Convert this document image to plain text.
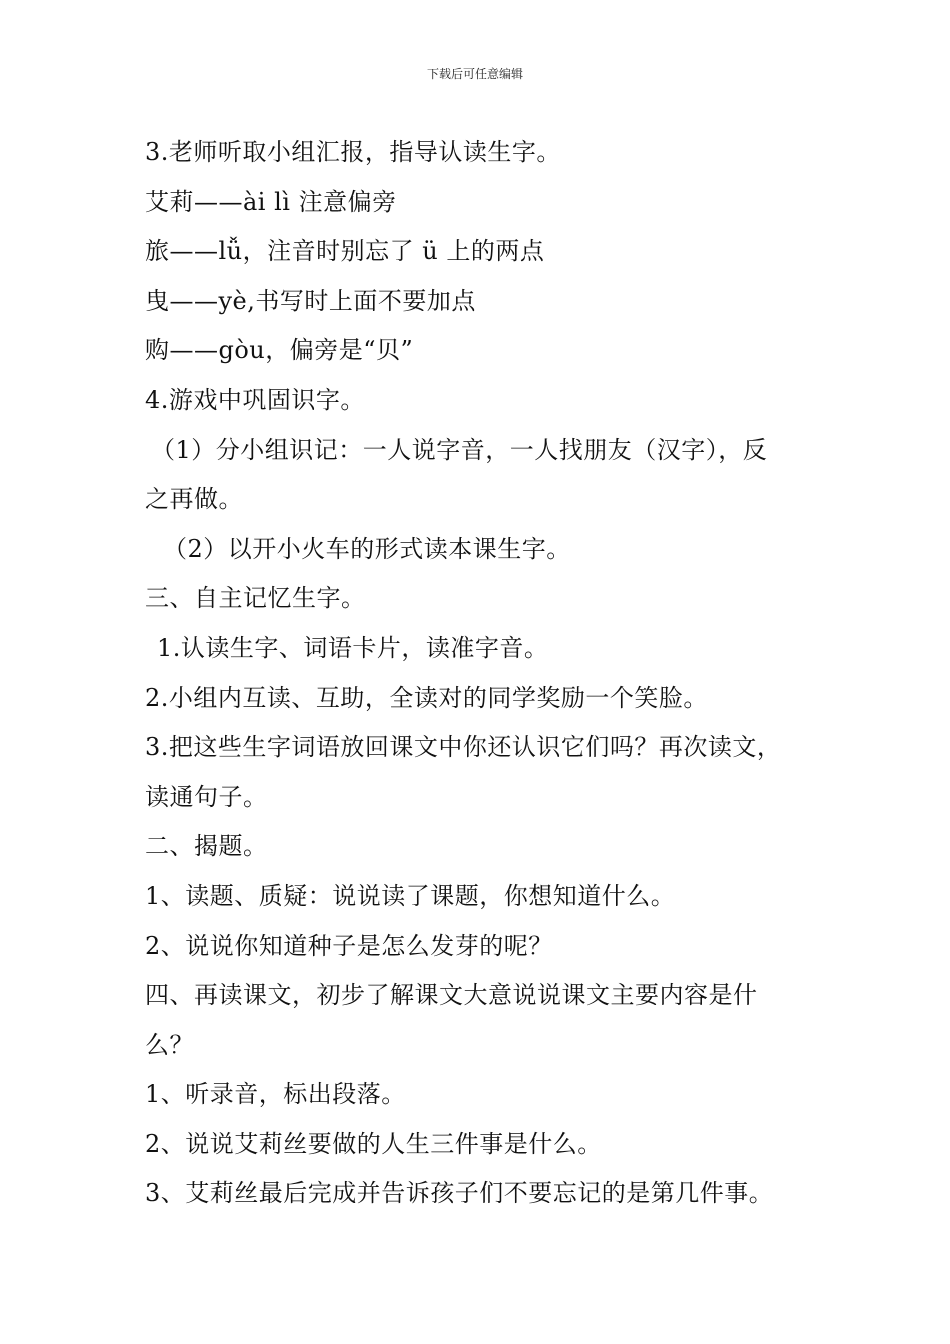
下载后可任意编辑
3.老师听取小组汇报，指导认读生字。
艾莉——ài lì 注意偏旁
旅——lǚ，注音时别忘了 ü 上的两点
曳——yè,书写时上面不要加点
购——gòu，偏旁是“贝”
4.游戏中巩固识字。
（1）分小组识记：一人说字音，一人找朋友（汉字），反
之再做。
（2）以开小火车的形式读本课生字。
三、自主记忆生字。
1.认读生字、词语卡片，读准字音。
2.小组内互读、互助，全读对的同学奖励一个笑脸。
3.把这些生字词语放回课文中你还认识它们吗？再次读文，
读通句子。
二、揭题。
1、读题、质疑：说说读了课题，你想知道什么。
2、说说你知道种子是怎么发芽的呢？
四、再读课文，初步了解课文大意说说课文主要内容是什
么？
1、听录音，标出段落。
2、说说艾莉丝要做的人生三件事是什么。
3、艾莉丝最后完成并告诉孩子们不要忘记的是第几件事。
